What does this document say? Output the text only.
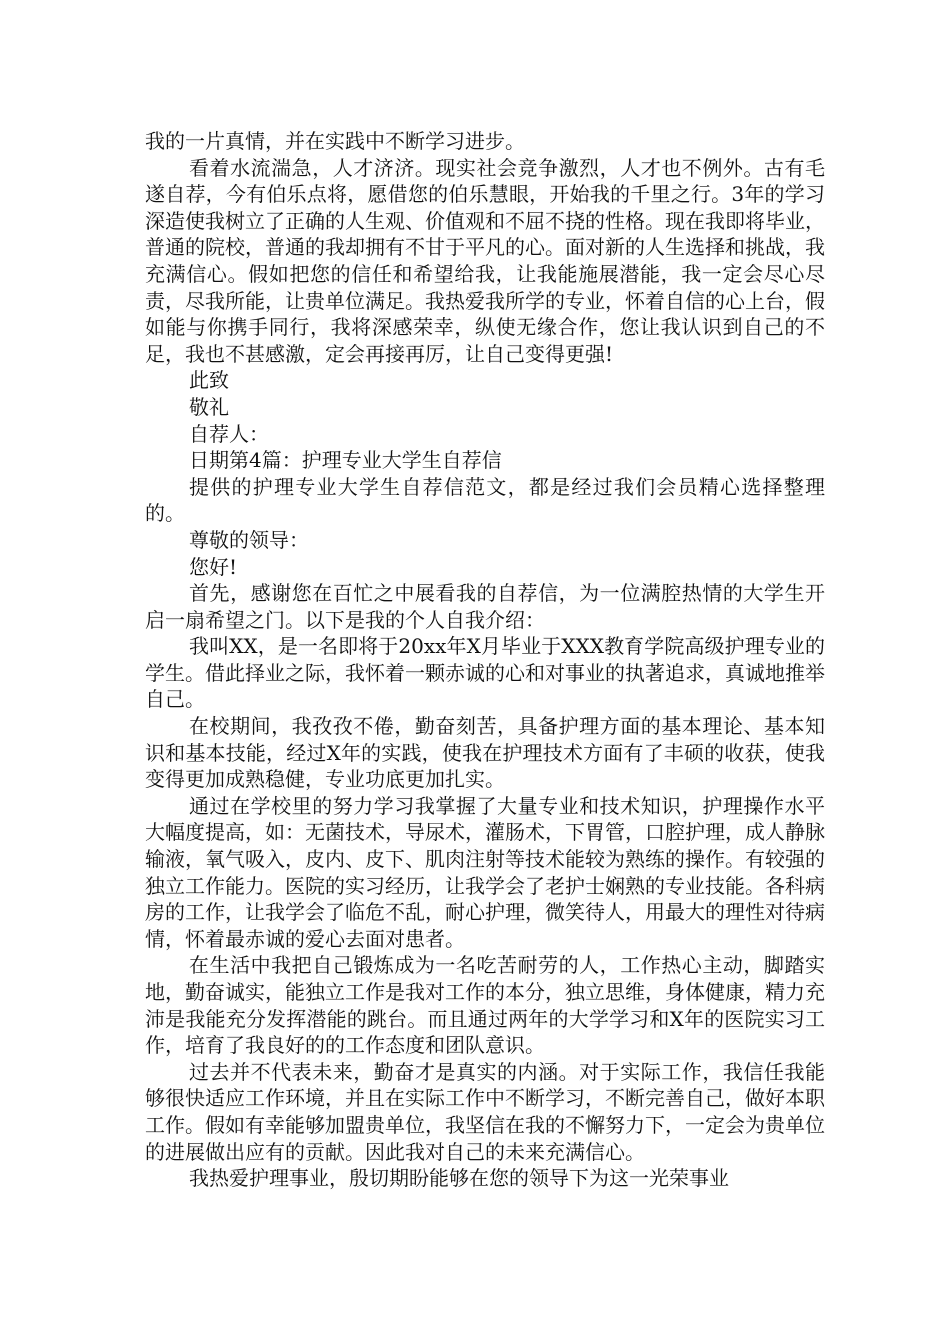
我的一片真情，并在实践中不断学习进步。

看着水流湍急，人才济济。现实社会竞争激烈，人才也不例外。古有毛遂自荐，今有伯乐点将，愿借您的伯乐慧眼，开始我的千里之行。3年的学习深造使我树立了正确的人生观、价值观和不屈不挠的性格。现在我即将毕业，普通的院校，普通的我却拥有不甘于平凡的心。面对新的人生选择和挑战，我充满信心。假如把您的信任和希望给我，让我能施展潜能，我一定会尽心尽责，尽我所能，让贵单位满足。我热爱我所学的专业，怀着自信的心上台，假如能与你携手同行，我将深感荣幸，纵使无缘合作，您让我认识到自己的不足，我也不甚感激，定会再接再厉，让自己变得更强!

此致

敬礼

自荐人：

日期第4篇：护理专业大学生自荐信

提供的护理专业大学生自荐信范文，都是经过我们会员精心选择整理的。

尊敬的领导：

您好!

首先，感谢您在百忙之中展看我的自荐信，为一位满腔热情的大学生开启一扇希望之门。以下是我的个人自我介绍：

我叫XX，是一名即将于20xx年X月毕业于XXX教育学院高级护理专业的学生。借此择业之际，我怀着一颗赤诚的心和对事业的执著追求，真诚地推举自己。

在校期间，我孜孜不倦，勤奋刻苦，具备护理方面的基本理论、基本知识和基本技能，经过X年的实践，使我在护理技术方面有了丰硕的收获，使我变得更加成熟稳健，专业功底更加扎实。

通过在学校里的努力学习我掌握了大量专业和技术知识，护理操作水平大幅度提高，如：无菌技术，导尿术，灌肠术，下胃管，口腔护理，成人静脉输液，氧气吸入，皮内、皮下、肌肉注射等技术能较为熟练的操作。有较强的独立工作能力。医院的实习经历，让我学会了老护士娴熟的专业技能。各科病房的工作，让我学会了临危不乱，耐心护理，微笑待人，用最大的理性对待病情，怀着最赤诚的爱心去面对患者。

在生活中我把自己锻炼成为一名吃苦耐劳的人，工作热心主动，脚踏实地，勤奋诚实，能独立工作是我对工作的本分，独立思维，身体健康，精力充沛是我能充分发挥潜能的跳台。而且通过两年的大学学习和X年的医院实习工作，培育了我良好的的工作态度和团队意识。

过去并不代表未来，勤奋才是真实的内涵。对于实际工作，我信任我能够很快适应工作环境，并且在实际工作中不断学习，不断完善自己，做好本职工作。假如有幸能够加盟贵单位，我坚信在我的不懈努力下，一定会为贵单位的进展做出应有的贡献。因此我对自己的未来充满信心。

我热爱护理事业，殷切期盼能够在您的领导下为这一光荣事业
